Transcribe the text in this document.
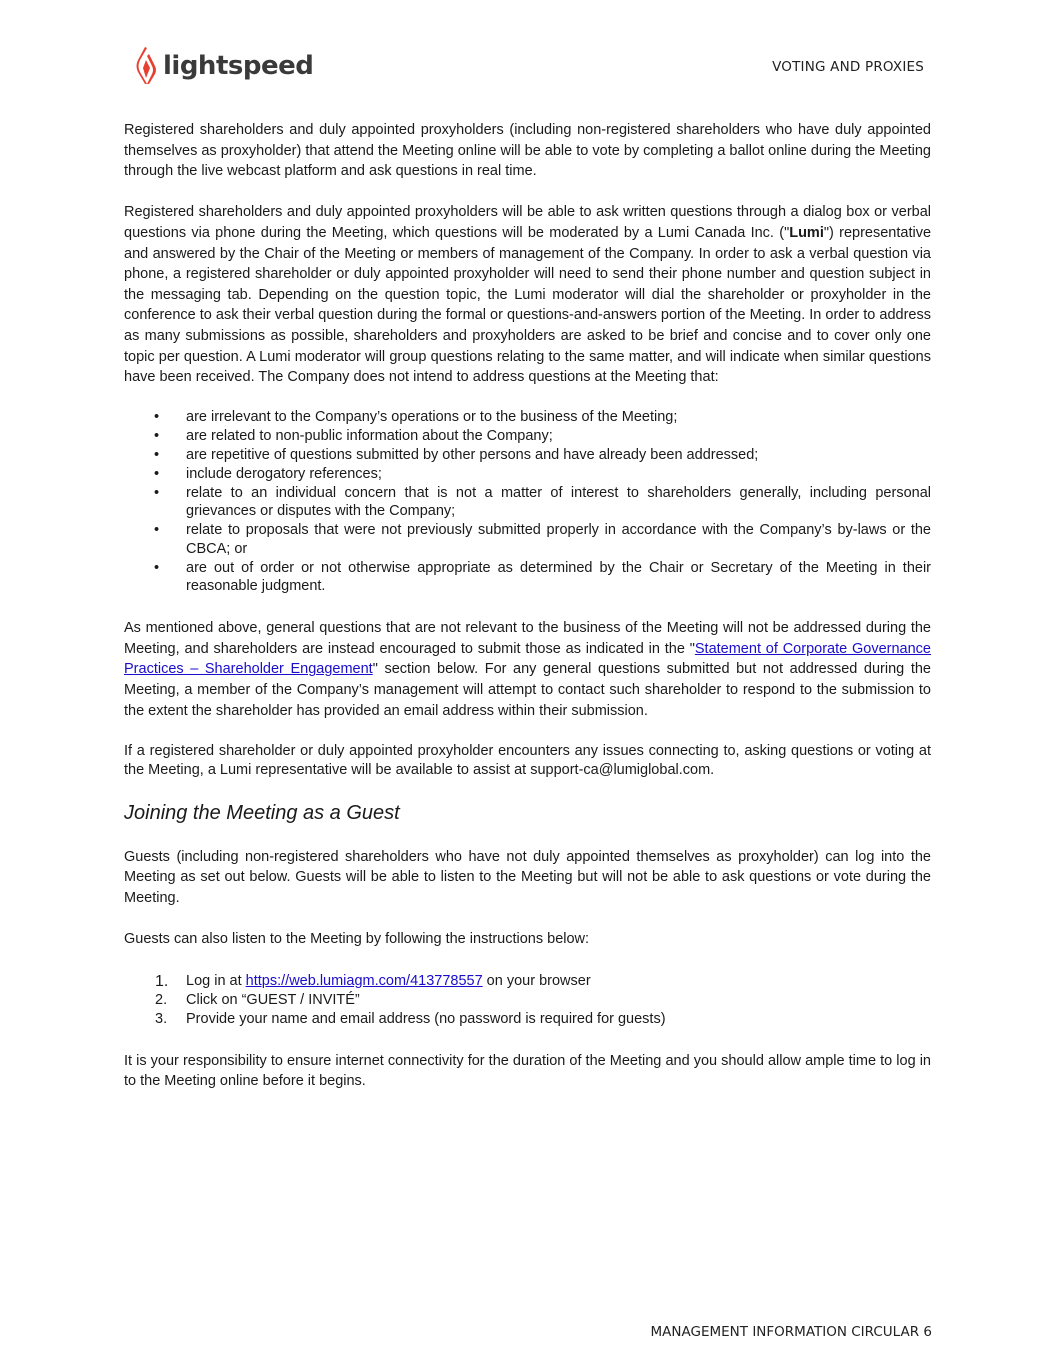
lightspeed	VOTING AND PROXIES

Registered shareholders and duly appointed proxyholders (including non-registered shareholders who have duly appointed themselves as proxyholder) that attend the Meeting online will be able to vote by completing a ballot online during the Meeting through the live webcast platform and ask questions in real time.

Registered shareholders and duly appointed proxyholders will be able to ask written questions through a dialog box or verbal questions via phone during the Meeting, which questions will be moderated by a Lumi Canada Inc. ("Lumi") representative and answered by the Chair of the Meeting or members of management of the Company. In order to ask a verbal question via phone, a registered shareholder or duly appointed proxyholder will need to send their phone number and question subject in the messaging tab. Depending on the question topic, the Lumi moderator will dial the shareholder or proxyholder in the conference to ask their verbal question during the formal or questions-and-answers portion of the Meeting. In order to address as many submissions as possible, shareholders and proxyholders are asked to be brief and concise and to cover only one topic per question. A Lumi moderator will group questions relating to the same matter, and will indicate when similar questions have been received. The Company does not intend to address questions at the Meeting that:

• are irrelevant to the Company’s operations or to the business of the Meeting;
• are related to non-public information about the Company;
• are repetitive of questions submitted by other persons and have already been addressed;
• include derogatory references;
• relate to an individual concern that is not a matter of interest to shareholders generally, including personal grievances or disputes with the Company;
• relate to proposals that were not previously submitted properly in accordance with the Company’s by-laws or the CBCA; or
• are out of order or not otherwise appropriate as determined by the Chair or Secretary of the Meeting in their reasonable judgment.

As mentioned above, general questions that are not relevant to the business of the Meeting will not be addressed during the Meeting, and shareholders are instead encouraged to submit those as indicated in the "Statement of Corporate Governance Practices – Shareholder Engagement" section below. For any general questions submitted but not addressed during the Meeting, a member of the Company’s management will attempt to contact such shareholder to respond to the submission to the extent the shareholder has provided an email address within their submission.

If a registered shareholder or duly appointed proxyholder encounters any issues connecting to, asking questions or voting at the Meeting, a Lumi representative will be available to assist at support-ca@lumiglobal.com.

Joining the Meeting as a Guest

Guests (including non-registered shareholders who have not duly appointed themselves as proxyholder) can log into the Meeting as set out below. Guests will be able to listen to the Meeting but will not be able to ask questions or vote during the Meeting.

Guests can also listen to the Meeting by following the instructions below:

1. Log in at https://web.lumiagm.com/413778557 on your browser
2. Click on “GUEST / INVITÉ”
3. Provide your name and email address (no password is required for guests)

It is your responsibility to ensure internet connectivity for the duration of the Meeting and you should allow ample time to log in to the Meeting online before it begins.

MANAGEMENT INFORMATION CIRCULAR 6
